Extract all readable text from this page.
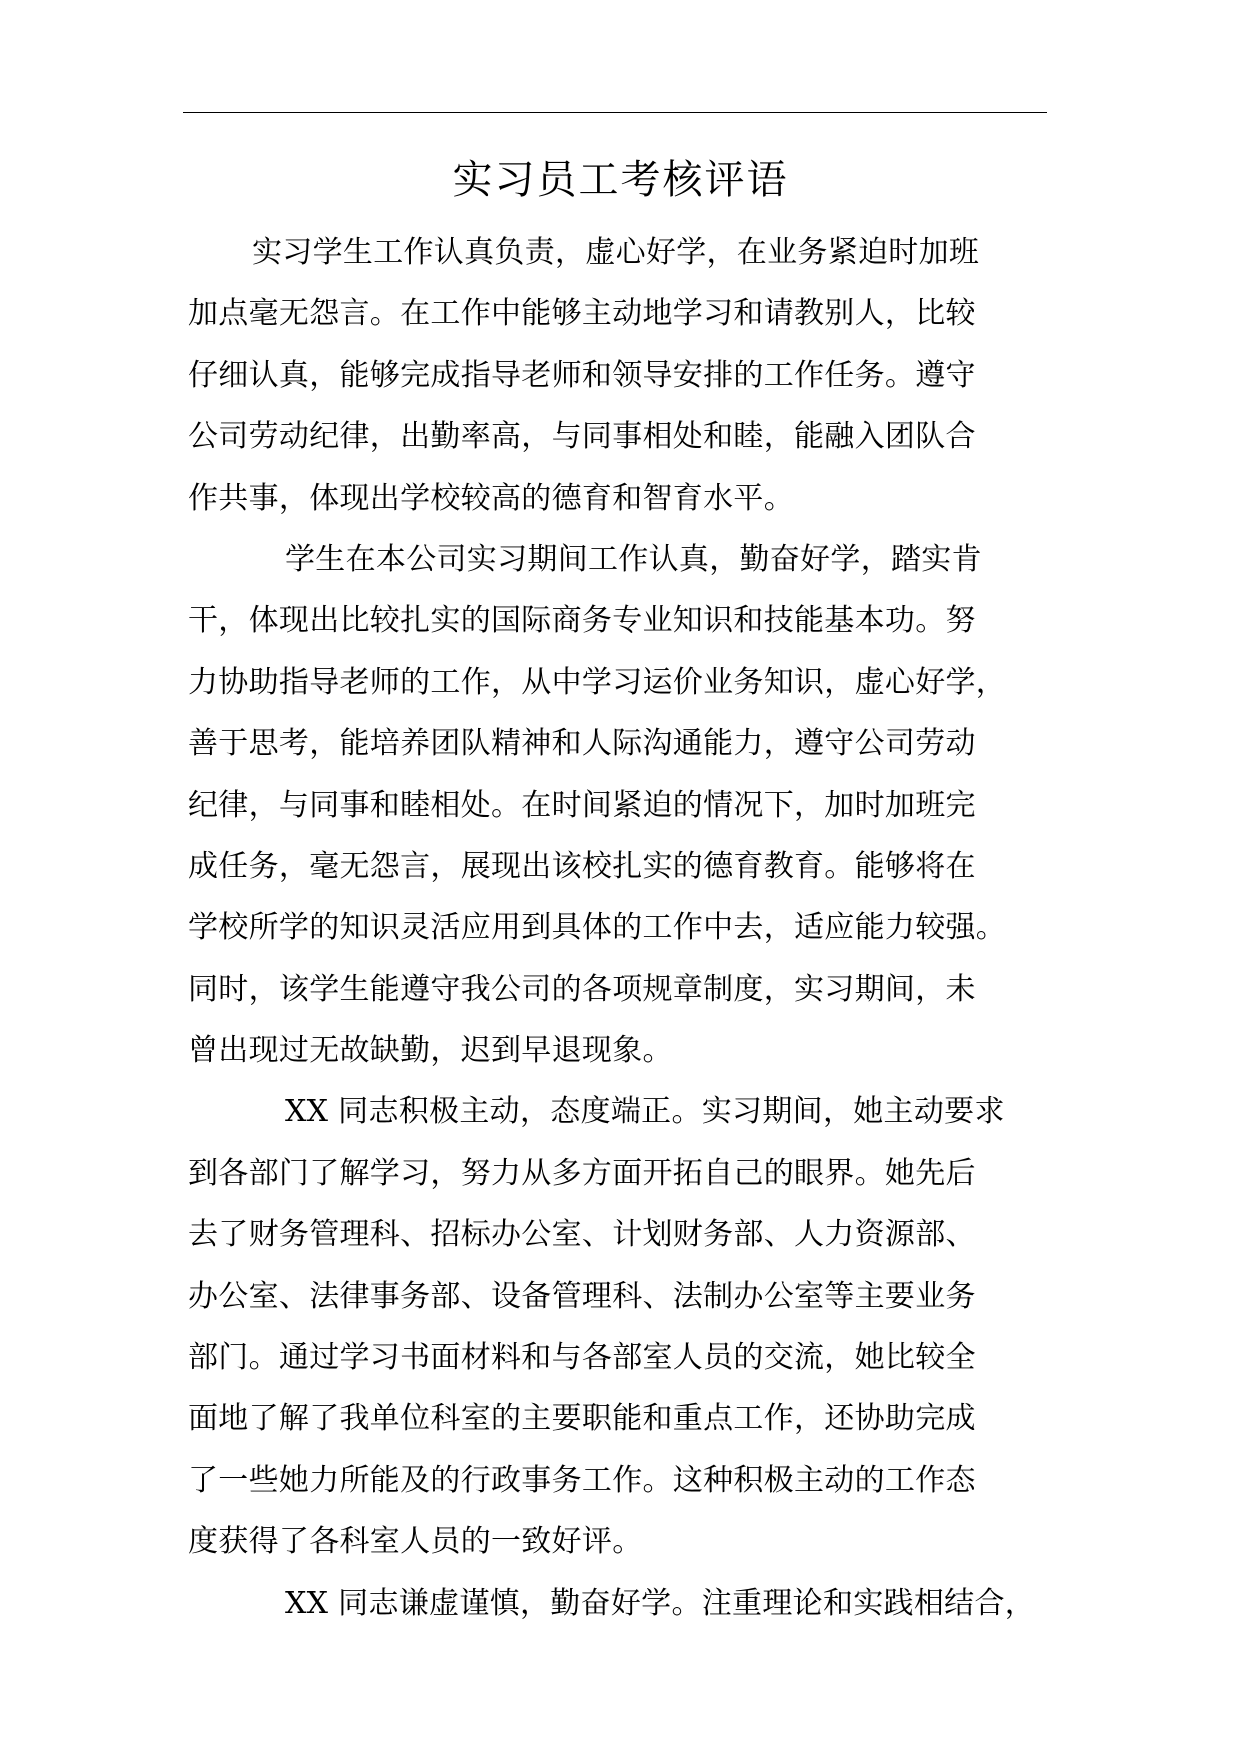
实习员工考核评语

实习学生工作认真负责，虚心好学，在业务紧迫时加班
加点毫无怨言。在工作中能够主动地学习和请教别人，比较
仔细认真，能够完成指导老师和领导安排的工作任务。遵守
公司劳动纪律，出勤率高，与同事相处和睦，能融入团队合
作共事，体现出学校较高的德育和智育水平。

学生在本公司实习期间工作认真，勤奋好学，踏实肯
干，体现出比较扎实的国际商务专业知识和技能基本功。努
力协助指导老师的工作，从中学习运价业务知识，虚心好学，
善于思考，能培养团队精神和人际沟通能力，遵守公司劳动
纪律，与同事和睦相处。在时间紧迫的情况下，加时加班完
成任务，毫无怨言，展现出该校扎实的德育教育。能够将在
学校所学的知识灵活应用到具体的工作中去，适应能力较强。
同时，该学生能遵守我公司的各项规章制度，实习期间，未
曾出现过无故缺勤，迟到早退现象。

XX 同志积极主动，态度端正。实习期间，她主动要求
到各部门了解学习，努力从多方面开拓自己的眼界。她先后
去了财务管理科、招标办公室、计划财务部、人力资源部、
办公室、法律事务部、设备管理科、法制办公室等主要业务
部门。通过学习书面材料和与各部室人员的交流，她比较全
面地了解了我单位科室的主要职能和重点工作，还协助完成
了一些她力所能及的行政事务工作。这种积极主动的工作态
度获得了各科室人员的一致好评。

XX 同志谦虚谨慎，勤奋好学。注重理论和实践相结合，
